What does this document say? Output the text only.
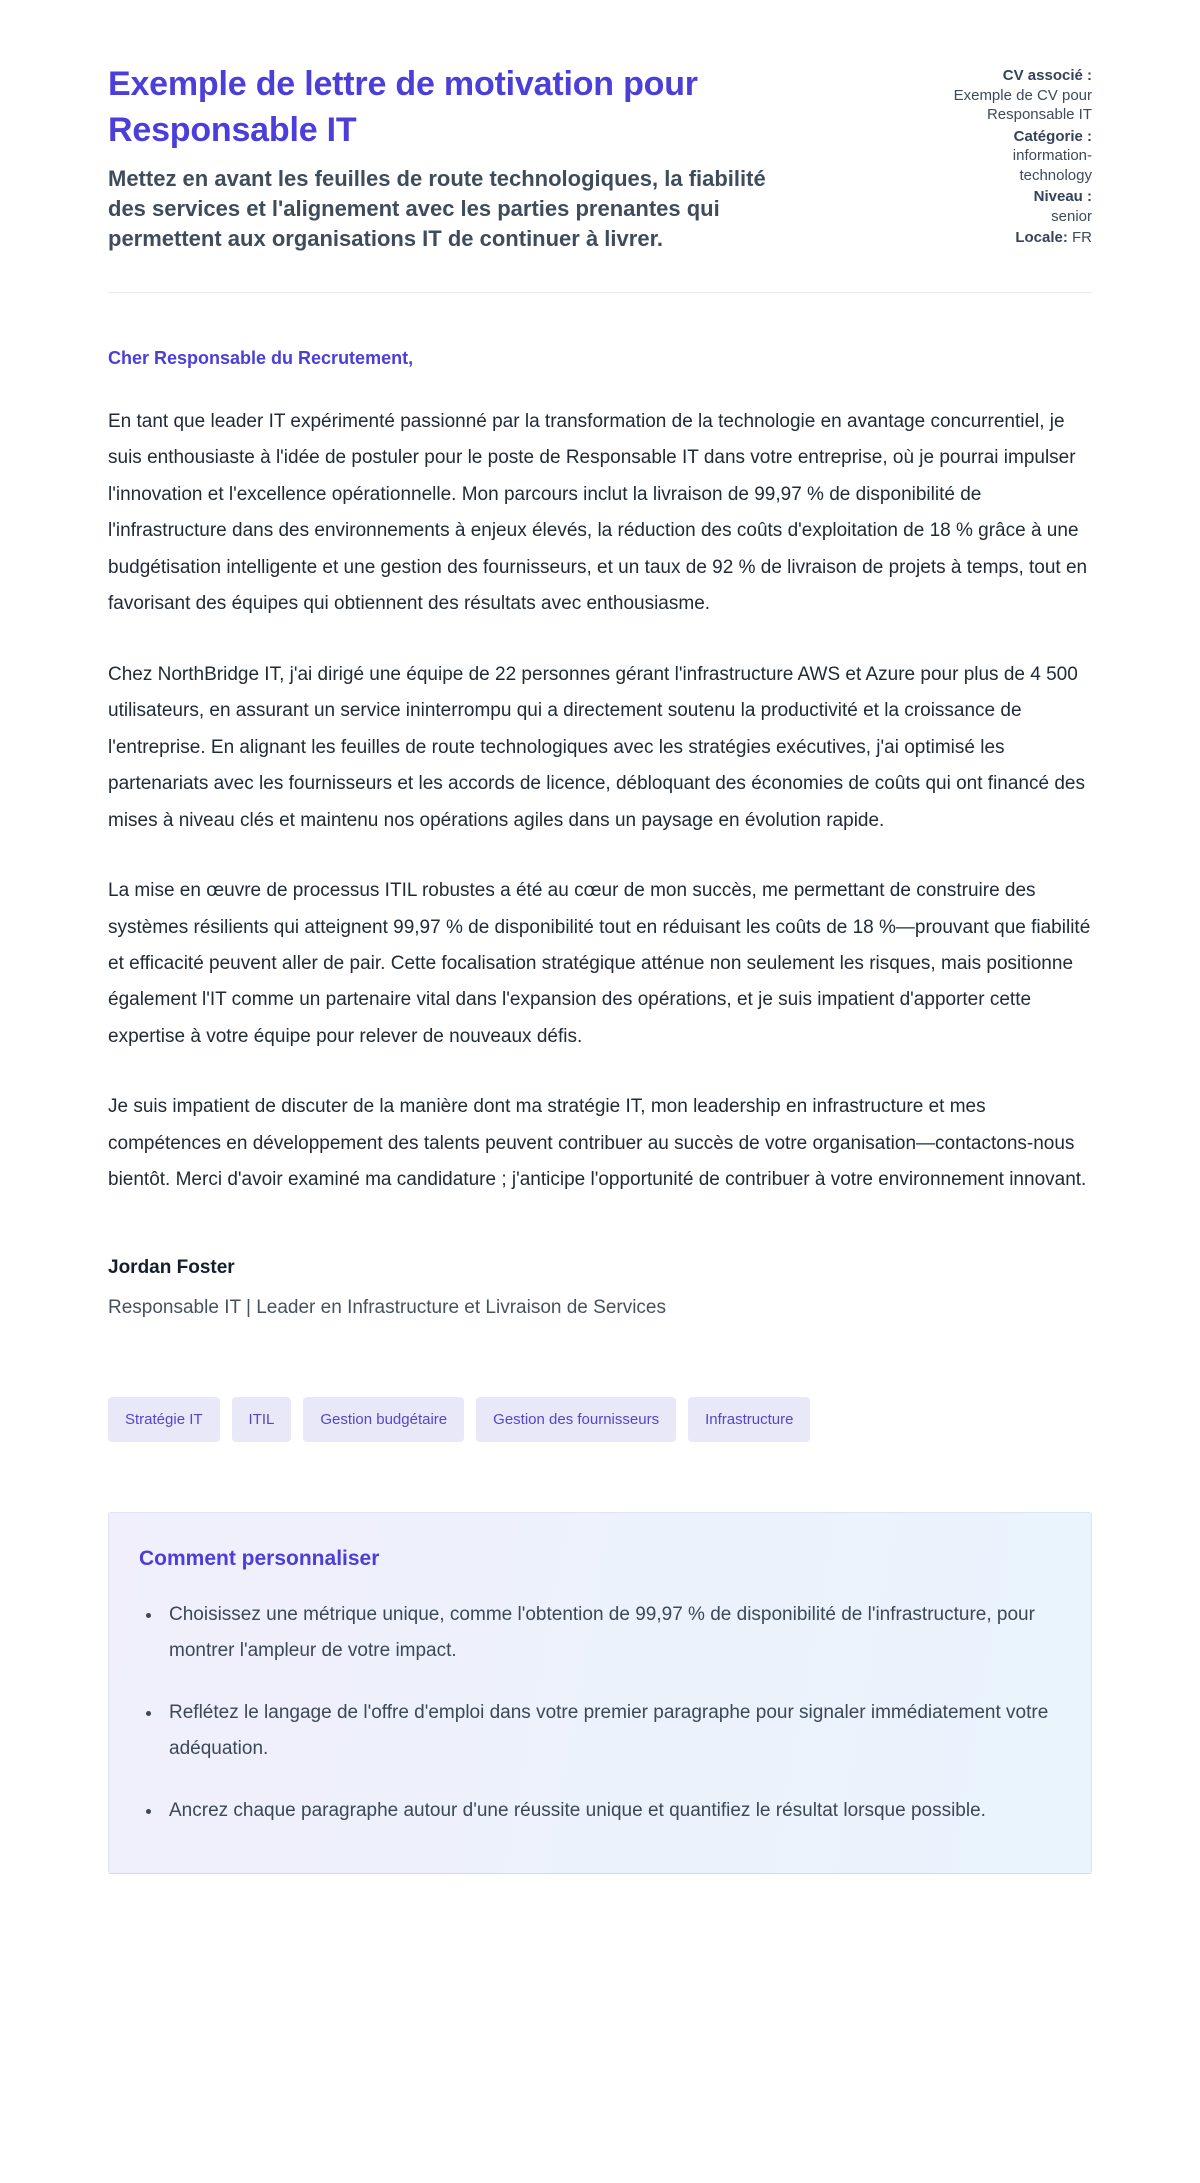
Exemple de lettre de motivation pour Responsable IT

Mettez en avant les feuilles de route technologiques, la fiabilité des services et l'alignement avec les parties prenantes qui permettent aux organisations IT de continuer à livrer.

CV associé :
Exemple de CV pour Responsable IT
Catégorie :
information-technology
Niveau :
senior
Locale: FR
Cher Responsable du Recrutement,

En tant que leader IT expérimenté passionné par la transformation de la technologie en avantage concurrentiel, je suis enthousiaste à l'idée de postuler pour le poste de Responsable IT dans votre entreprise, où je pourrai impulser l'innovation et l'excellence opérationnelle. Mon parcours inclut la livraison de 99,97 % de disponibilité de l'infrastructure dans des environnements à enjeux élevés, la réduction des coûts d'exploitation de 18 % grâce à une budgétisation intelligente et une gestion des fournisseurs, et un taux de 92 % de livraison de projets à temps, tout en favorisant des équipes qui obtiennent des résultats avec enthousiasme.

Chez NorthBridge IT, j'ai dirigé une équipe de 22 personnes gérant l'infrastructure AWS et Azure pour plus de 4 500 utilisateurs, en assurant un service ininterrompu qui a directement soutenu la productivité et la croissance de l'entreprise. En alignant les feuilles de route technologiques avec les stratégies exécutives, j'ai optimisé les partenariats avec les fournisseurs et les accords de licence, débloquant des économies de coûts qui ont financé des mises à niveau clés et maintenu nos opérations agiles dans un paysage en évolution rapide.

La mise en œuvre de processus ITIL robustes a été au cœur de mon succès, me permettant de construire des systèmes résilients qui atteignent 99,97 % de disponibilité tout en réduisant les coûts de 18 %—prouvant que fiabilité et efficacité peuvent aller de pair. Cette focalisation stratégique atténue non seulement les risques, mais positionne également l'IT comme un partenaire vital dans l'expansion des opérations, et je suis impatient d'apporter cette expertise à votre équipe pour relever de nouveaux défis.

Je suis impatient de discuter de la manière dont ma stratégie IT, mon leadership en infrastructure et mes compétences en développement des talents peuvent contribuer au succès de votre organisation—contactons-nous bientôt. Merci d'avoir examiné ma candidature ; j'anticipe l'opportunité de contribuer à votre environnement innovant.

Jordan Foster
Responsable IT | Leader en Infrastructure et Livraison de Services
Stratégie IT	ITIL	Gestion budgétaire	Gestion des fournisseurs	Infrastructure
Comment personnaliser
• Choisissez une métrique unique, comme l'obtention de 99,97 % de disponibilité de l'infrastructure, pour montrer l'ampleur de votre impact.
• Reflétez le langage de l'offre d'emploi dans votre premier paragraphe pour signaler immédiatement votre adéquation.
• Ancrez chaque paragraphe autour d'une réussite unique et quantifiez le résultat lorsque possible.
